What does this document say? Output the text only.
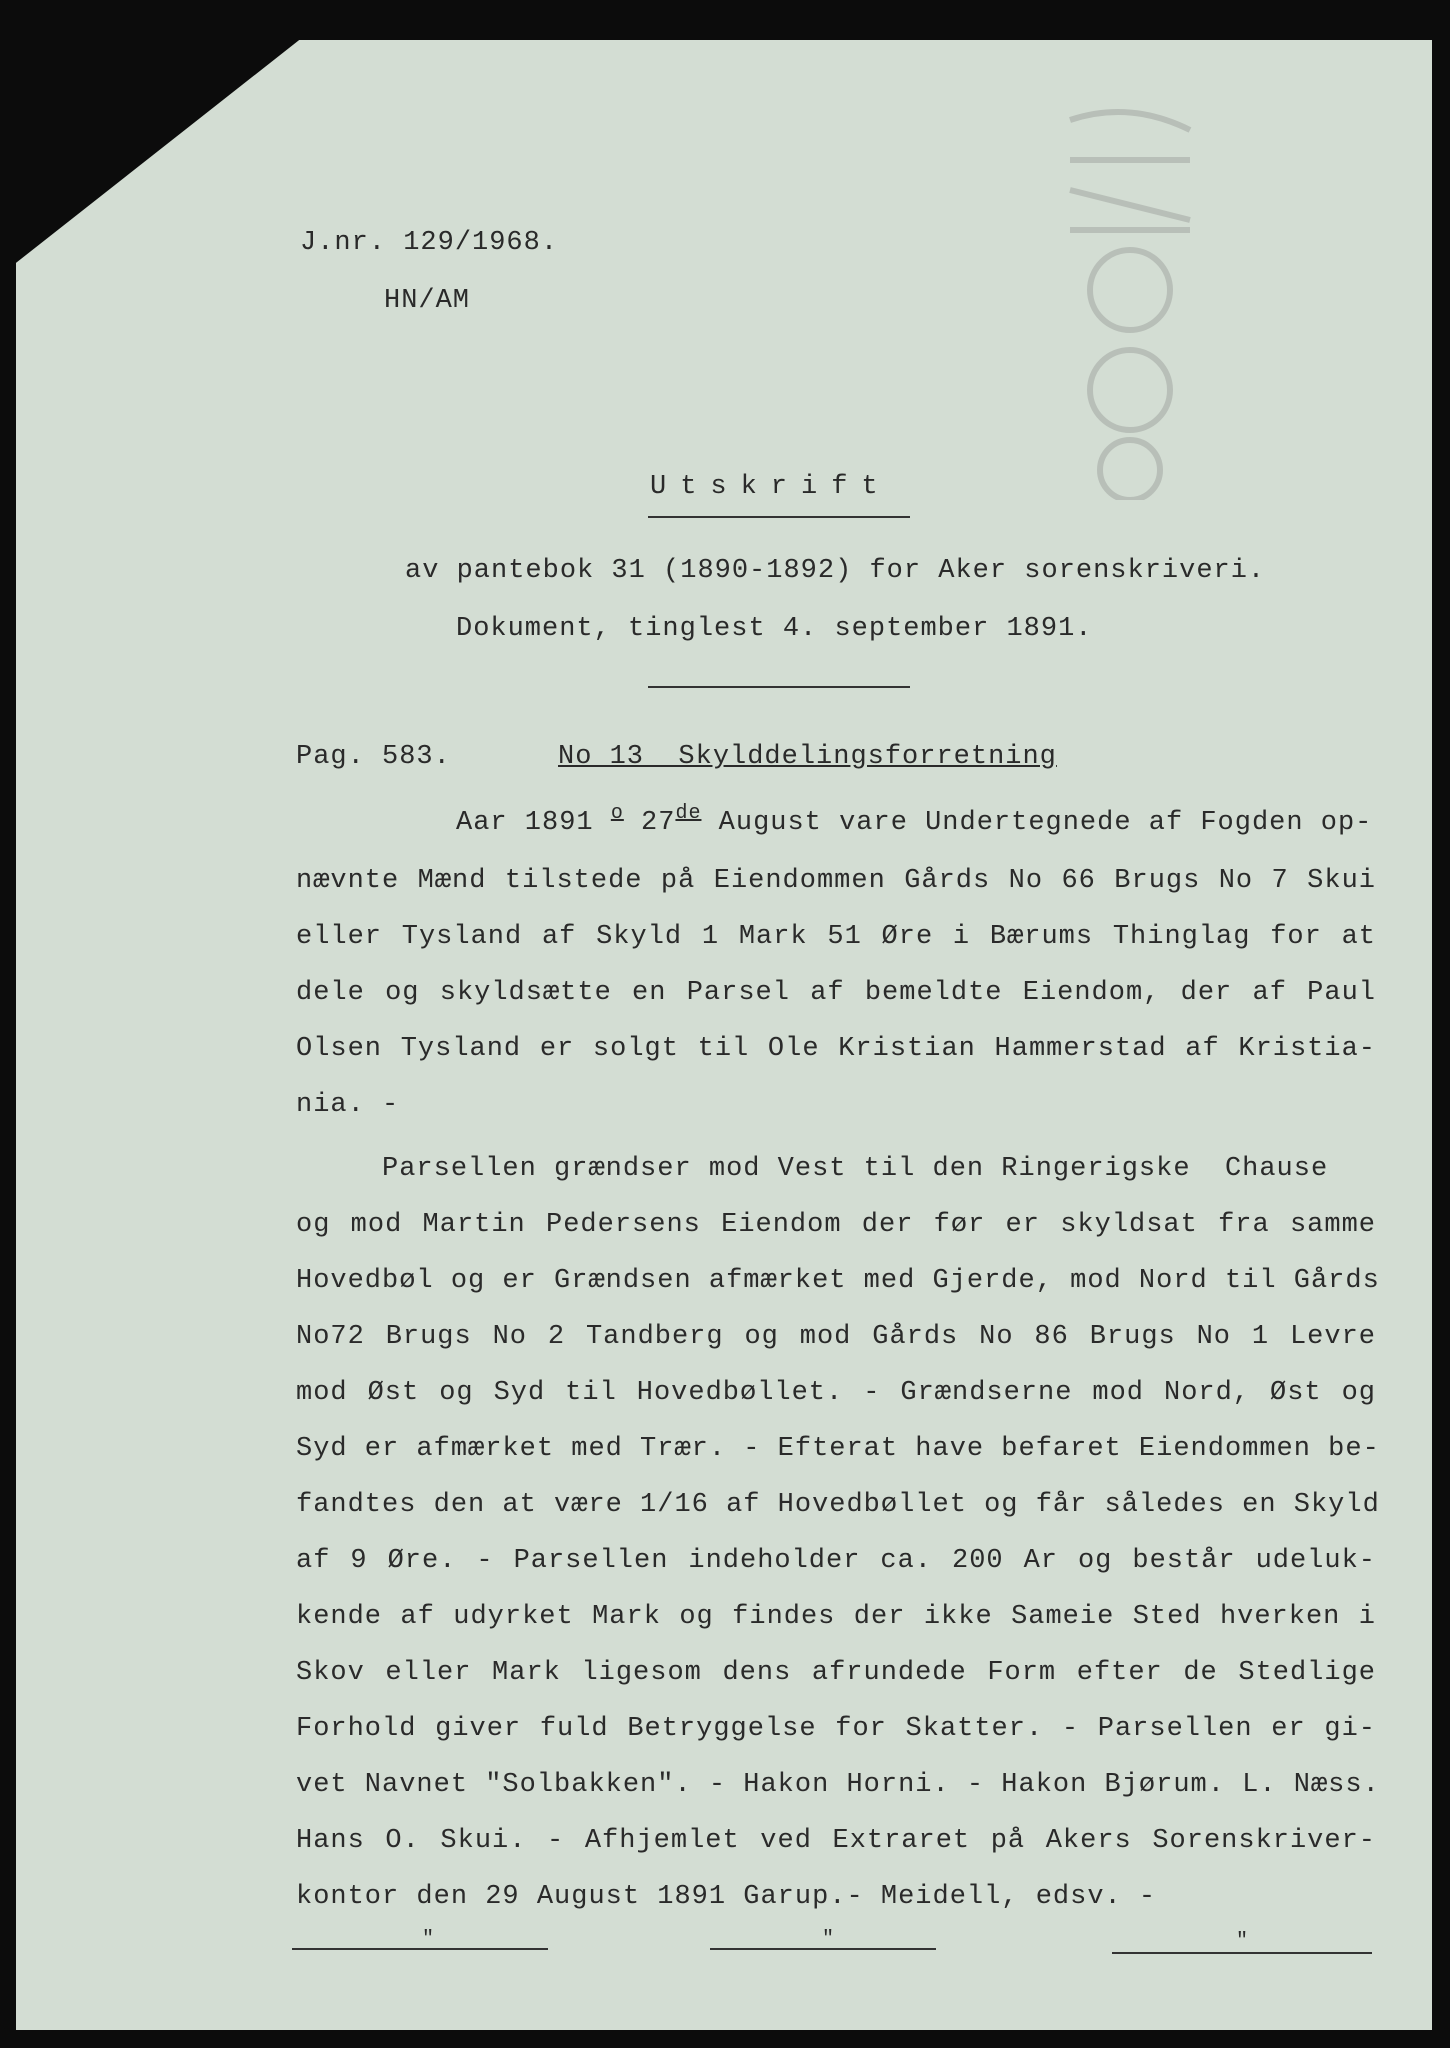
J.nr. 129/1968.
HN/AM
Utskrift
av pantebok 31 (1890-1892) for Aker sorenskriveri.
Dokument, tinglest 4. september 1891.
Pag. 583.	No 13  Skylddelingsforretning
Aar 1891 $^o$ 27de August vare Undertegnede af Fogden op-
nævnte Mænd tilstede på Eiendommen Gårds No 66 Brugs No 7 Skui
eller Tysland af Skyld 1 Mark 51 Øre i Bærums Thinglag for at
dele og skyldsætte en Parsel af bemeldte Eiendom, der af Paul
Olsen Tysland er solgt til Ole Kristian Hammerstad af Kristia-
nia. -
Parsellen grændser mod Vest til den Ringerigske  Chause
og mod Martin Pedersens Eiendom der før er skyldsat fra samme
Hovedbøl og er Grændsen afmærket med Gjerde, mod Nord til Gårds
No72 Brugs No 2 Tandberg og mod Gårds No 86 Brugs No 1 Levre
mod Øst og Syd til Hovedbøllet. - Grændserne mod Nord, Øst og
Syd er afmærket med Trær. - Efterat have befaret Eiendommen be-
fandtes den at være 1/16 af Hovedbøllet og får således en Skyld
af 9 Øre. - Parsellen indeholder ca. 200 Ar og består udeluk-
kende af udyrket Mark og findes der ikke Sameie Sted hverken i
Skov eller Mark ligesom dens afrundede Form efter de Stedlige
Forhold giver fuld Betryggelse for Skatter. - Parsellen er gi-
vet Navnet "Solbakken". - Hakon Horni. - Hakon Bjørum. L. Næss.
Hans O. Skui. - Afhjemlet ved Extraret på Akers Sorenskriver-
kontor den 29 August 1891 Garup.- Meidell, edsv. -
"	"	"
